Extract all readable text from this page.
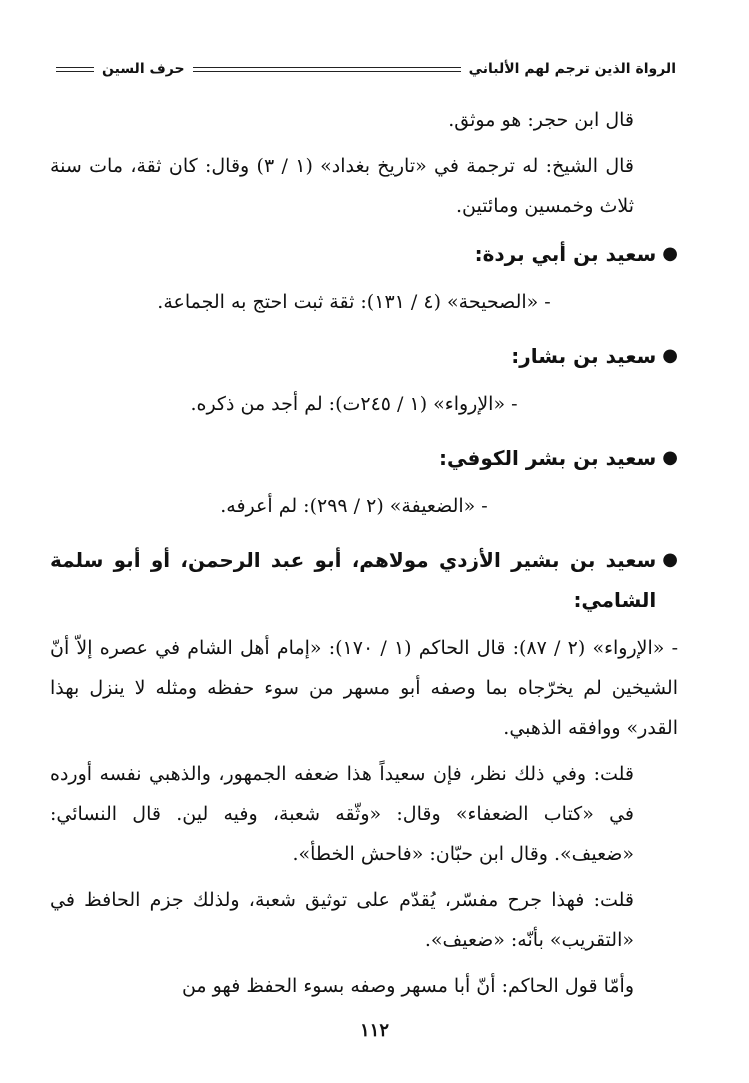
الرواة الذين ترجم لهم الألباني
حرف السين

قال ابن حجر: هو موثق.

قال الشيخ: له ترجمة في «تاريخ بغداد» (١ / ٣) وقال: كان ثقة، مات سنة ثلاث وخمسين ومائتين.

●
سعيد بن أبي بردة:

- «الصحيحة» (٤ / ١٣١): ثقة ثبت احتج به الجماعة.

●
سعيد بن بشار:

- «الإرواء» (١ / ٢٤٥ت): لم أجد من ذكره.

●
سعيد بن بشر الكوفي:

- «الضعيفة» (٢ / ٢٩٩): لم أعرفه.

●
سعيد بن بشير الأزدي مولاهم، أبو عبد الرحمن، أو أبو سلمة الشامي:

- «الإرواء» (٢ / ٨٧): قال الحاكم (١ / ١٧٠): «إمام أهل الشام في عصره إلاّ أنّ الشيخين لم يخرّجاه بما وصفه أبو مسهر من سوء حفظه ومثله لا ينزل بهذا القدر» ووافقه الذهبي.

قلت: وفي ذلك نظر، فإن سعيداً هذا ضعفه الجمهور، والذهبي نفسه أورده في «كتاب الضعفاء» وقال: «وثّقه شعبة، وفيه لين. قال النسائي: «ضعيف». وقال ابن حبّان: «فاحش الخطأ».

قلت: فهذا جرح مفسّر، يُقدّم على توثيق شعبة، ولذلك جزم الحافظ في «التقريب» بأنّه: «ضعيف».

وأمّا قول الحاكم: أنّ أبا مسهر وصفه بسوء الحفظ فهو من

١١٢
